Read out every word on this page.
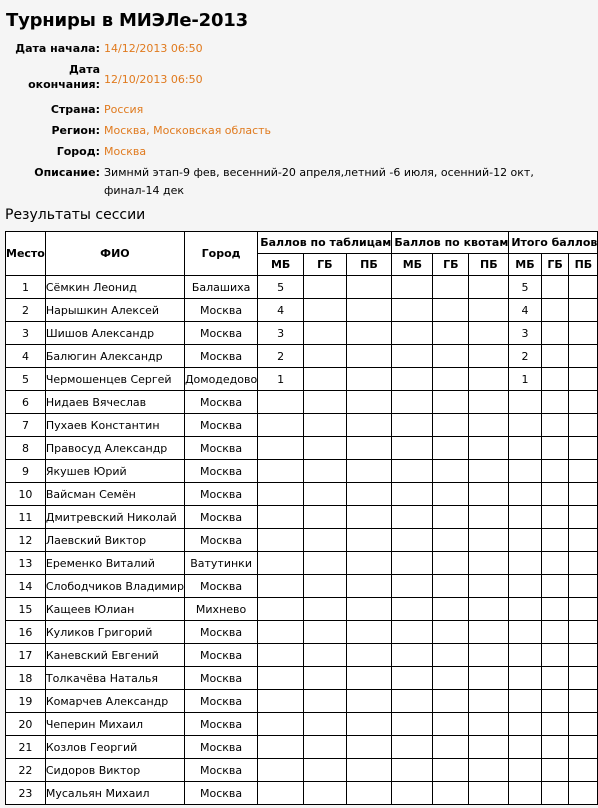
Турниры в МИЭЛе-2013
Дата начала: 14/12/2013 06:50
Дата
окончания: 12/10/2013 06:50
Страна: Россия
Регион: Москва, Московская область
Город: Москва
Описание: Зимнмй этап-9 фев, весенний-20 апреля,летний -6 июля, осенний-12 окт, финал-14 дек
Результаты сессии
Место	ФИО	Город	Баллов по таблицам			Баллов по квотам			Итого баллов		
			МБ	ГБ	ПБ	МБ	ГБ	ПБ	МБ	ГБ	ПБ
1	Сёмкин Леонид	Балашиха	5						5		
2	Нарышкин Алексей	Москва	4						4		
3	Шишов Александр	Москва	3						3		
4	Балюгин Александр	Москва	2						2		
5	Чермошенцев Сергей	Домодедово	1						1		
6	Нидаев Вячеслав	Москва									
7	Пухаев Константин	Москва									
8	Правосуд Александр	Москва									
9	Якушев Юрий	Москва									
10	Вайсман Семён	Москва									
11	Дмитревский Николай	Москва									
12	Лаевский Виктор	Москва									
13	Еременко Виталий	Ватутинки									
14	Слободчиков Владимир	Москва									
15	Кащеев Юлиан	Михнево									
16	Куликов Григорий	Москва									
17	Каневский Евгений	Москва									
18	Толкачёва Наталья	Москва									
19	Комарчев Александр	Москва									
20	Чеперин Михаил	Москва									
21	Козлов Георгий	Москва									
22	Сидоров Виктор	Москва									
23	Мусальян Михаил	Москва									
